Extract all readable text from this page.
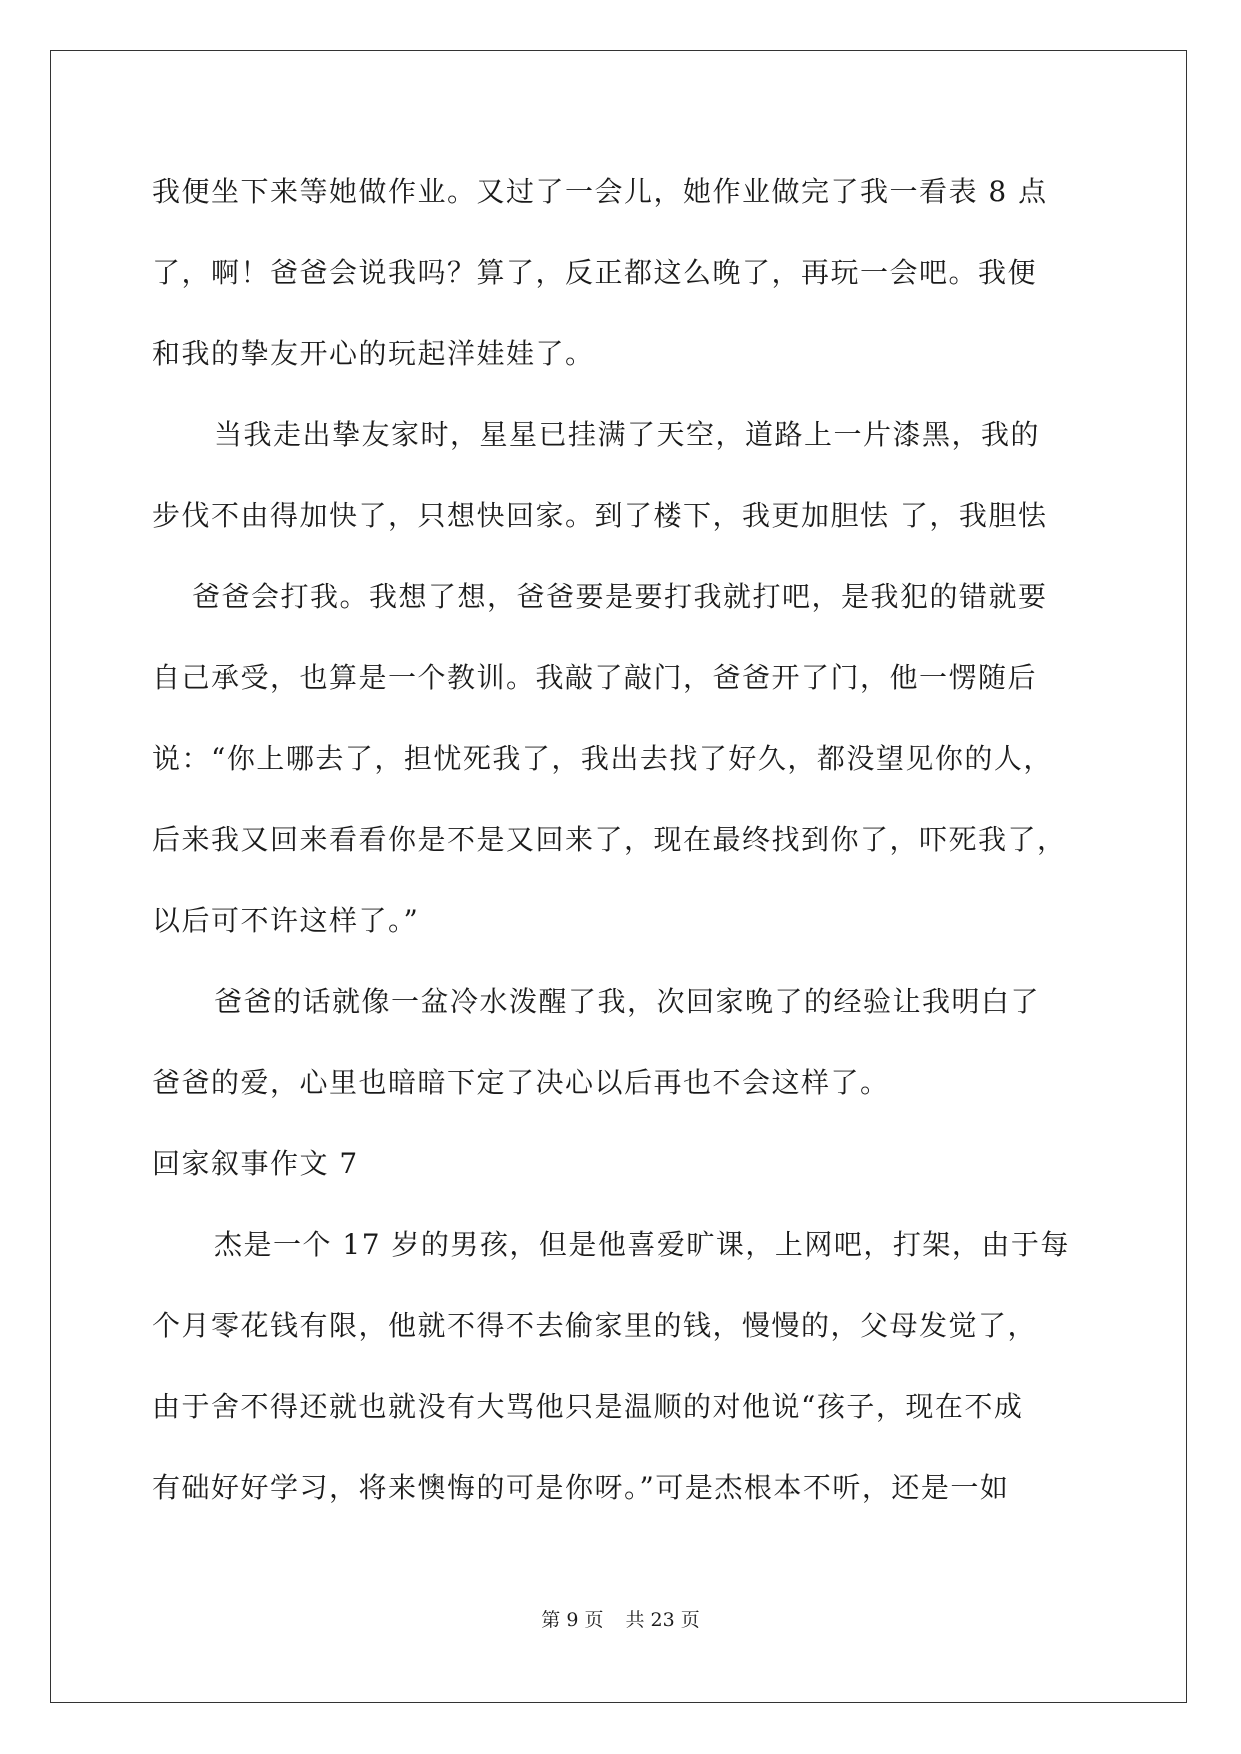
我便坐下来等她做作业。又过了一会儿，她作业做完了我一看表 8 点
了，啊！爸爸会说我吗？算了，反正都这么晚了，再玩一会吧。我便
和我的挚友开心的玩起洋娃娃了。
当我走出挚友家时，星星已挂满了天空，道路上一片漆黑，我的
步伐不由得加快了，只想快回家。到了楼下，我更加胆怯 了，我胆怯
爸爸会打我。我想了想，爸爸要是要打我就打吧，是我犯的错就要
自己承受，也算是一个教训。我敲了敲门，爸爸开了门，他一愣随后
说：“你上哪去了，担忧死我了，我出去找了好久，都没望见你的人，
后来我又回来看看你是不是又回来了，现在最终找到你了，吓死我了，
以后可不许这样了。”
爸爸的话就像一盆冷水泼醒了我，次回家晚了的经验让我明白了
爸爸的爱，心里也暗暗下定了决心以后再也不会这样了。
回家叙事作文 7
杰是一个 17 岁的男孩，但是他喜爱旷课，上网吧，打架，由于每
个月零花钱有限，他就不得不去偷家里的钱，慢慢的，父母发觉了，
由于舍不得还就也就没有大骂他只是温顺的对他说“孩子，现在不成
有础好好学习，将来懊悔的可是你呀。”可是杰根本不听，还是一如
第 9 页 共 23 页
